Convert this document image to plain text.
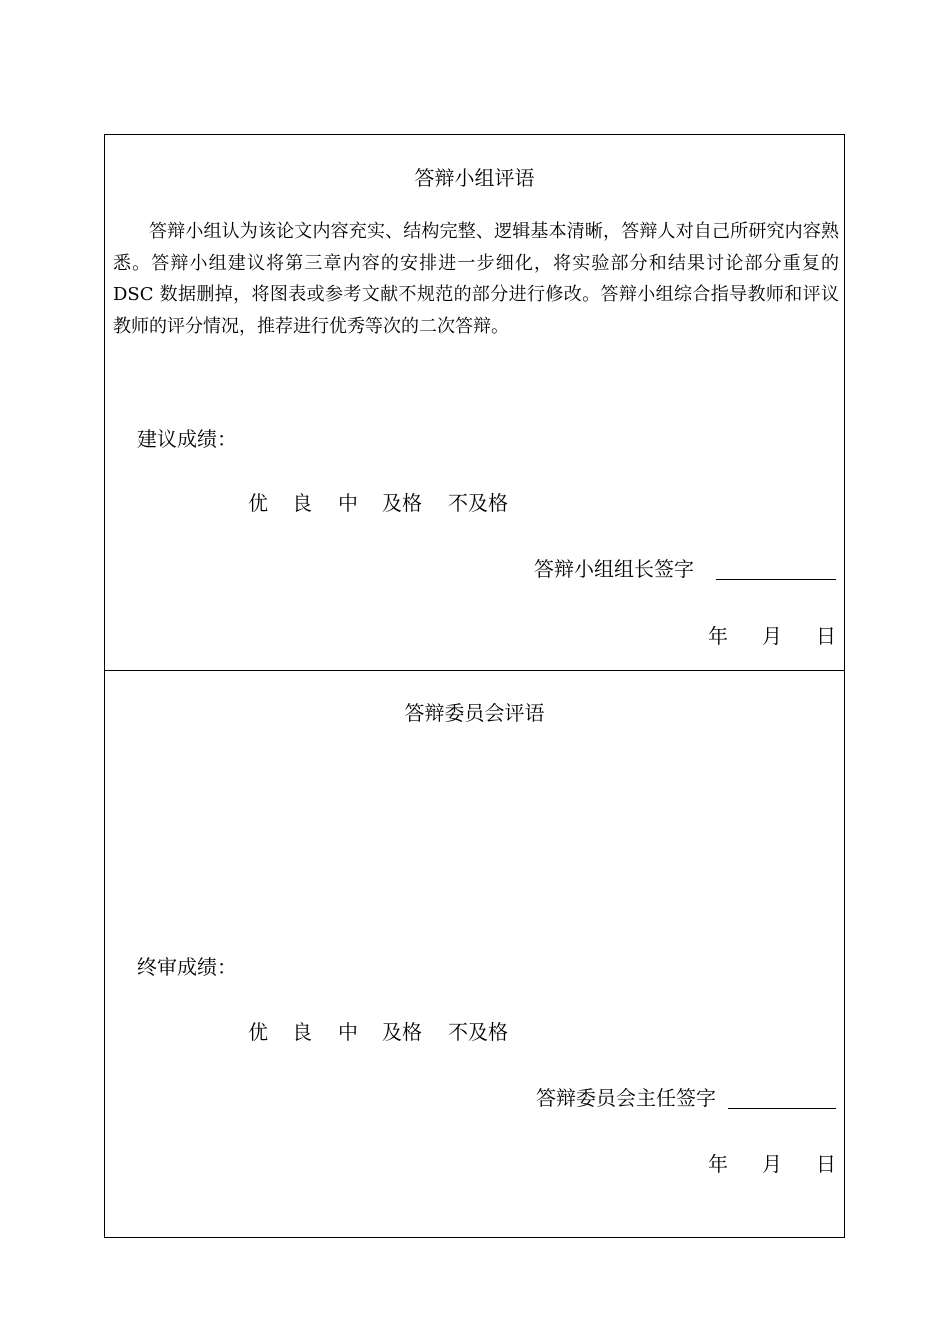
答辩小组评语

答辩小组认为该论文内容充实、结构完整、逻辑基本清晰，答辩人对自己所研究内容熟悉。答辩小组建议将第三章内容的安排进一步细化，将实验部分和结果讨论部分重复的 DSC 数据删掉，将图表或参考文献不规范的部分进行修改。答辩小组综合指导教师和评议教师的评分情况，推荐进行优秀等次的二次答辩。

建议成绩：
优 良 中 及格 不及格
答辩小组组长签字
年 月 日
答辩委员会评语

终审成绩：
优 良 中 及格 不及格
答辩委员会主任签字
年 月 日
